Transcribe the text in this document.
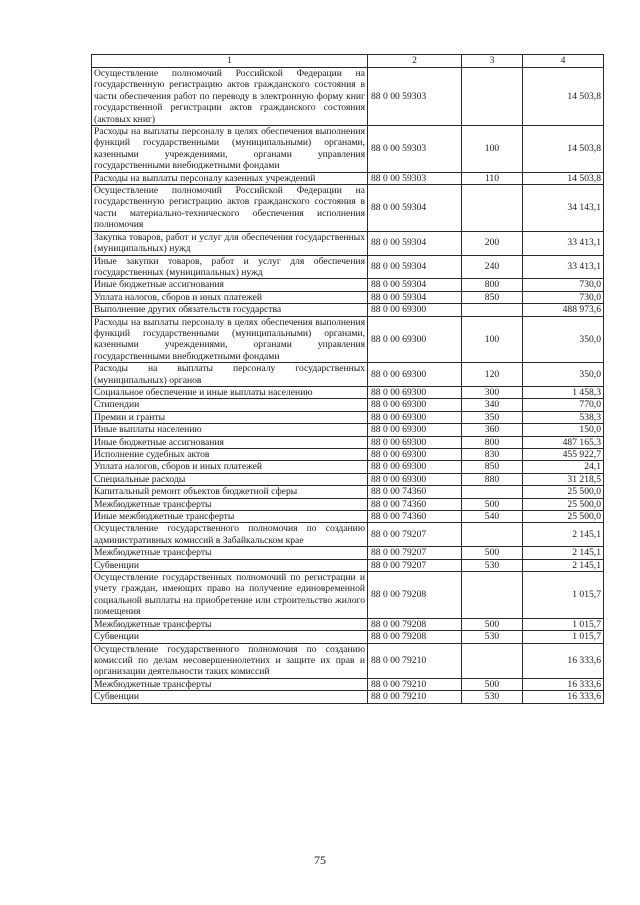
1	2	3	4
Осуществление полномочий Российской Федерации на государственную регистрацию актов гражданского состояния в части обеспечения работ по переводу в электронную форму книг государственной регистрации актов гражданского состояния (актовых книг)	88 0 00 59303		14 503,8
Расходы на выплаты персоналу в целях обеспечения выполнения функций государственными (муниципальными) органами, казенными учреждениями, органами управления государственными внебюджетными фондами	88 0 00 59303	100	14 503,8
Расходы на выплаты персоналу казенных учреждений	88 0 00 59303	110	14 503,8
Осуществление полномочий Российской Федерации на государственную регистрацию актов гражданского состояния в части материально-технического обеспечения исполнения полномочия	88 0 00 59304		34 143,1
Закупка товаров, работ и услуг для обеспечения государственных (муниципальных) нужд	88 0 00 59304	200	33 413,1
Иные закупки товаров, работ и услуг для обеспечения государственных (муниципальных) нужд	88 0 00 59304	240	33 413,1
Иные бюджетные ассигнования	88 0 00 59304	800	730,0
Уплата налогов, сборов и иных платежей	88 0 00 59304	850	730,0
Выполнение других обязательств государства	88 0 00 69300		488 973,6
Расходы на выплаты персоналу в целях обеспечения выполнения функций государственными (муниципальными) органами, казенными учреждениями, органами управления государственными внебюджетными фондами	88 0 00 69300	100	350,0
Расходы на выплаты персоналу государственных (муниципальных) органов	88 0 00 69300	120	350,0
Социальное обеспечение и иные выплаты населению	88 0 00 69300	300	1 458,3
Стипендии	88 0 00 69300	340	770,0
Премии и гранты	88 0 00 69300	350	538,3
Иные выплаты населению	88 0 00 69300	360	150,0
Иные бюджетные ассигнования	88 0 00 69300	800	487 165,3
Исполнение судебных актов	88 0 00 69300	830	455 922,7
Уплата налогов, сборов и иных платежей	88 0 00 69300	850	24,1
Специальные расходы	88 0 00 69300	880	31 218,5
Капитальный ремонт объектов бюджетной сферы	88 0 00 74360		25 500,0
Межбюджетные трансферты	88 0 00 74360	500	25 500,0
Иные межбюджетные трансферты	88 0 00 74360	540	25 500,0
Осуществление государственного полномочия по созданию административных комиссий в Забайкальском крае	88 0 00 79207		2 145,1
Межбюджетные трансферты	88 0 00 79207	500	2 145,1
Субвенции	88 0 00 79207	530	2 145,1
Осуществление государственных полномочий по регистрации и учету граждан, имеющих право на получение единовременной социальной выплаты на приобретение или строительство жилого помещения	88 0 00 79208		1 015,7
Межбюджетные трансферты	88 0 00 79208	500	1 015,7
Субвенции	88 0 00 79208	530	1 015,7
Осуществление государственного полномочия по созданию комиссий по делам несовершеннолетних и защите их прав и организации деятельности таких комиссий	88 0 00 79210		16 333,6
Межбюджетные трансферты	88 0 00 79210	500	16 333,6
Субвенции	88 0 00 79210	530	16 333,6
75
